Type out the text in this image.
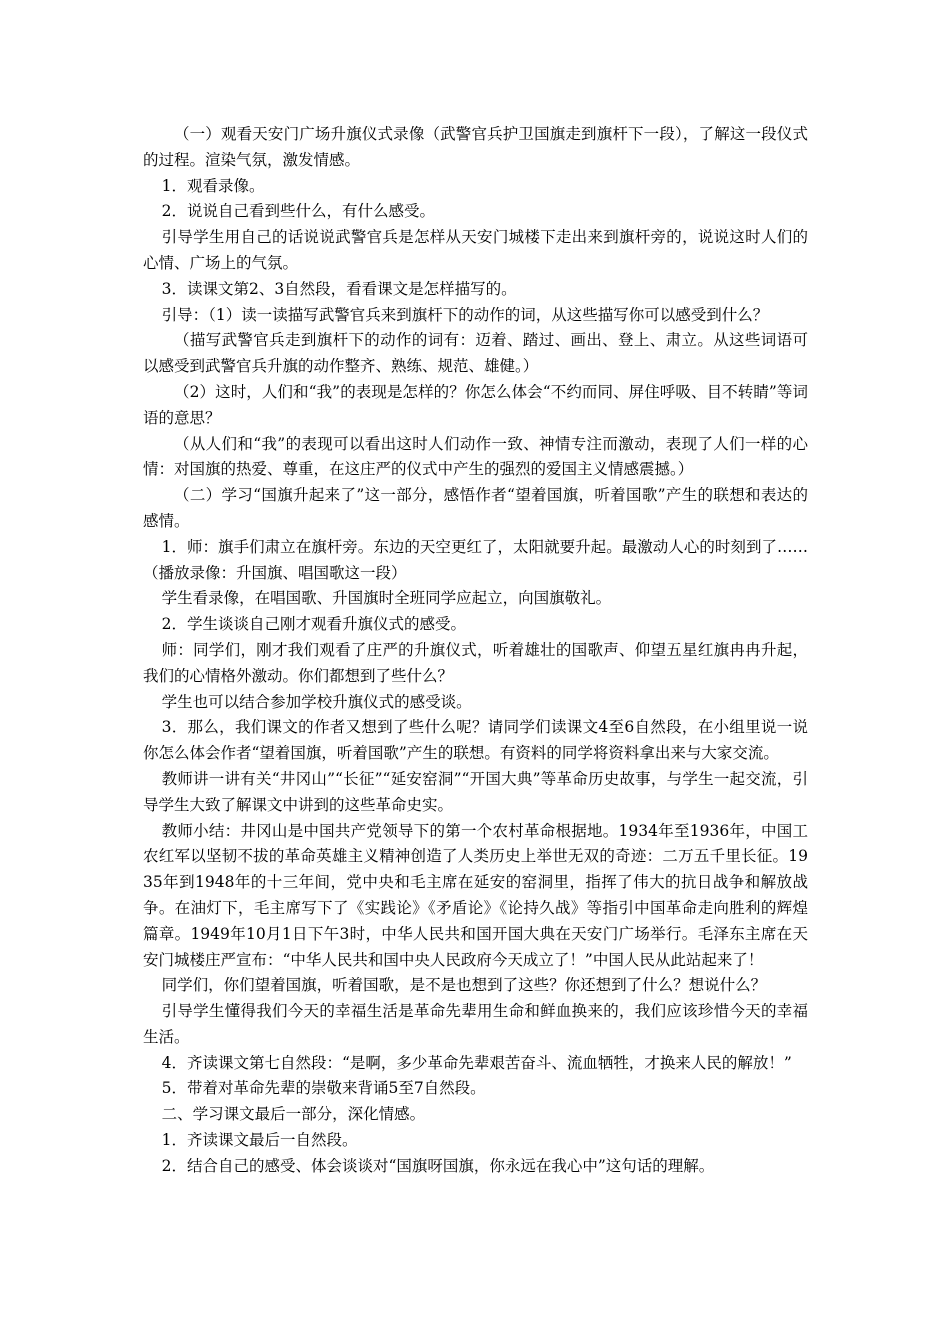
（一）观看天安门广场升旗仪式录像（武警官兵护卫国旗走到旗杆下一段），了解这一段仪式的过程。渲染气氛，激发情感。

1．观看录像。

2．说说自己看到些什么，有什么感受。

引导学生用自己的话说说武警官兵是怎样从天安门城楼下走出来到旗杆旁的，说说这时人们的心情、广场上的气氛。

3．读课文第2、3自然段，看看课文是怎样描写的。

引导：（1）读一读描写武警官兵来到旗杆下的动作的词，从这些描写你可以感受到什么？

（描写武警官兵走到旗杆下的动作的词有：迈着、踏过、画出、登上、肃立。从这些词语可以感受到武警官兵升旗的动作整齐、熟练、规范、雄健。）

（2）这时，人们和“我”的表现是怎样的？你怎么体会“不约而同、屏住呼吸、目不转睛”等词语的意思？

（从人们和“我”的表现可以看出这时人们动作一致、神情专注而激动，表现了人们一样的心情：对国旗的热爱、尊重，在这庄严的仪式中产生的强烈的爱国主义情感震撼。）

（二）学习“国旗升起来了”这一部分，感悟作者“望着国旗，听着国歌”产生的联想和表达的感情。

1．师：旗手们肃立在旗杆旁。东边的天空更红了，太阳就要升起。最激动人心的时刻到了……（播放录像：升国旗、唱国歌这一段）

学生看录像，在唱国歌、升国旗时全班同学应起立，向国旗敬礼。

2．学生谈谈自己刚才观看升旗仪式的感受。

师：同学们，刚才我们观看了庄严的升旗仪式，听着雄壮的国歌声、仰望五星红旗冉冉升起，我们的心情格外激动。你们都想到了些什么？

学生也可以结合参加学校升旗仪式的感受谈。

3．那么，我们课文的作者又想到了些什么呢？请同学们读课文4至6自然段，在小组里说一说你怎么体会作者“望着国旗，听着国歌”产生的联想。有资料的同学将资料拿出来与大家交流。

教师讲一讲有关“井冈山”“长征”“延安窑洞”“开国大典”等革命历史故事，与学生一起交流，引导学生大致了解课文中讲到的这些革命史实。

教师小结：井冈山是中国共产党领导下的第一个农村革命根据地。1934年至1936年，中国工农红军以坚韧不拔的革命英雄主义精神创造了人类历史上举世无双的奇迹：二万五千里长征。1935年到1948年的十三年间，党中央和毛主席在延安的窑洞里，指挥了伟大的抗日战争和解放战争。在油灯下，毛主席写下了《实践论》《矛盾论》《论持久战》等指引中国革命走向胜利的辉煌篇章。1949年10月1日下午3时，中华人民共和国开国大典在天安门广场举行。毛泽东主席在天安门城楼庄严宣布：“中华人民共和国中央人民政府今天成立了！”中国人民从此站起来了！

同学们，你们望着国旗，听着国歌，是不是也想到了这些？你还想到了什么？想说什么？

引导学生懂得我们今天的幸福生活是革命先辈用生命和鲜血换来的，我们应该珍惜今天的幸福生活。

4．齐读课文第七自然段：“是啊，多少革命先辈艰苦奋斗、流血牺牲，才换来人民的解放！”

5．带着对革命先辈的崇敬来背诵5至7自然段。

二、学习课文最后一部分，深化情感。

1．齐读课文最后一自然段。

2．结合自己的感受、体会谈谈对“国旗呀国旗，你永远在我心中”这句话的理解。
